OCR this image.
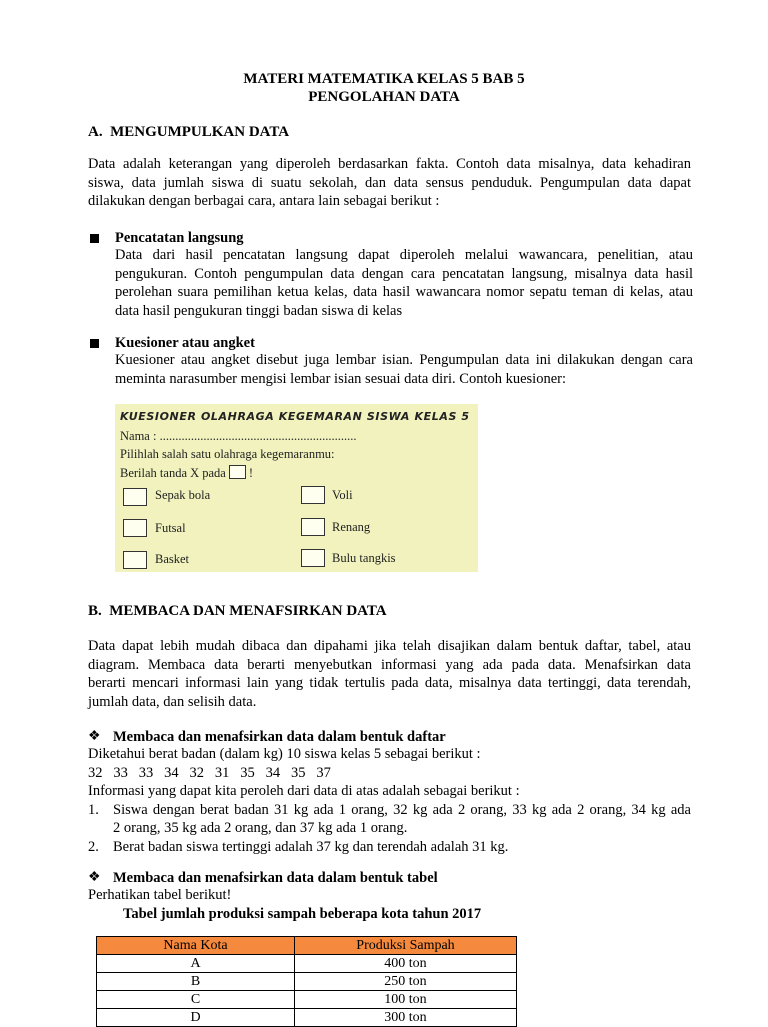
MATERI MATEMATIKA KELAS 5 BAB 5
PENGOLAHAN DATA
A.  MENGUMPULKAN DATA
Data adalah keterangan yang diperoleh berdasarkan fakta. Contoh data misalnya, data kehadiran
siswa, data jumlah siswa di suatu sekolah, dan data sensus penduduk. Pengumpulan data dapat
dilakukan dengan berbagai cara, antara lain sebagai berikut :
Pencatatan langsung
Data dari hasil pencatatan langsung dapat diperoleh melalui wawancara, penelitian, atau
pengukuran. Contoh pengumpulan data dengan cara pencatatan langsung, misalnya data hasil
perolehan suara pemilihan ketua kelas, data hasil wawancara nomor sepatu teman di kelas, atau
data hasil pengukuran tinggi badan siswa di kelas
Kuesioner atau angket
Kuesioner atau angket disebut juga lembar isian. Pengumpulan data ini dilakukan dengan cara
meminta narasumber mengisi lembar isian sesuai data diri. Contoh kuesioner:
KUESIONER OLAHRAGA KEGEMARAN SISWA KELAS 5
Nama : ...............................................................
Pilihlah salah satu olahraga kegemaranmu:
Berilah tanda X pada !
Sepak bola
Futsal
Basket
Voli
Renang
Bulu tangkis
B.  MEMBACA DAN MENAFSIRKAN DATA
Data dapat lebih mudah dibaca dan dipahami jika telah disajikan dalam bentuk daftar, tabel, atau
diagram. Membaca data berarti menyebutkan informasi yang ada pada data. Menafsirkan data
berarti mencari informasi lain yang tidak tertulis pada data, misalnya data tertinggi, data terendah,
jumlah data, dan selisih data.
❖ Membaca dan menafsirkan data dalam bentuk daftar
Diketahui berat badan (dalam kg) 10 siswa kelas 5 sebagai berikut :
32   33   33   34   32   31   35   34   35   37
Informasi yang dapat kita peroleh dari data di atas adalah sebagai berikut :
1. Siswa dengan berat badan 31 kg ada 1 orang, 32 kg ada 2 orang, 33 kg ada 2 orang, 34 kg ada
2 orang, 35 kg ada 2 orang, dan 37 kg ada 1 orang.
2. Berat badan siswa tertinggi adalah 37 kg dan terendah adalah 31 kg.
❖ Membaca dan menafsirkan data dalam bentuk tabel
Perhatikan tabel berikut!
Tabel jumlah produksi sampah beberapa kota tahun 2017
Nama Kota	Produksi Sampah
A	400 ton
B	250 ton
C	100 ton
D	300 ton
